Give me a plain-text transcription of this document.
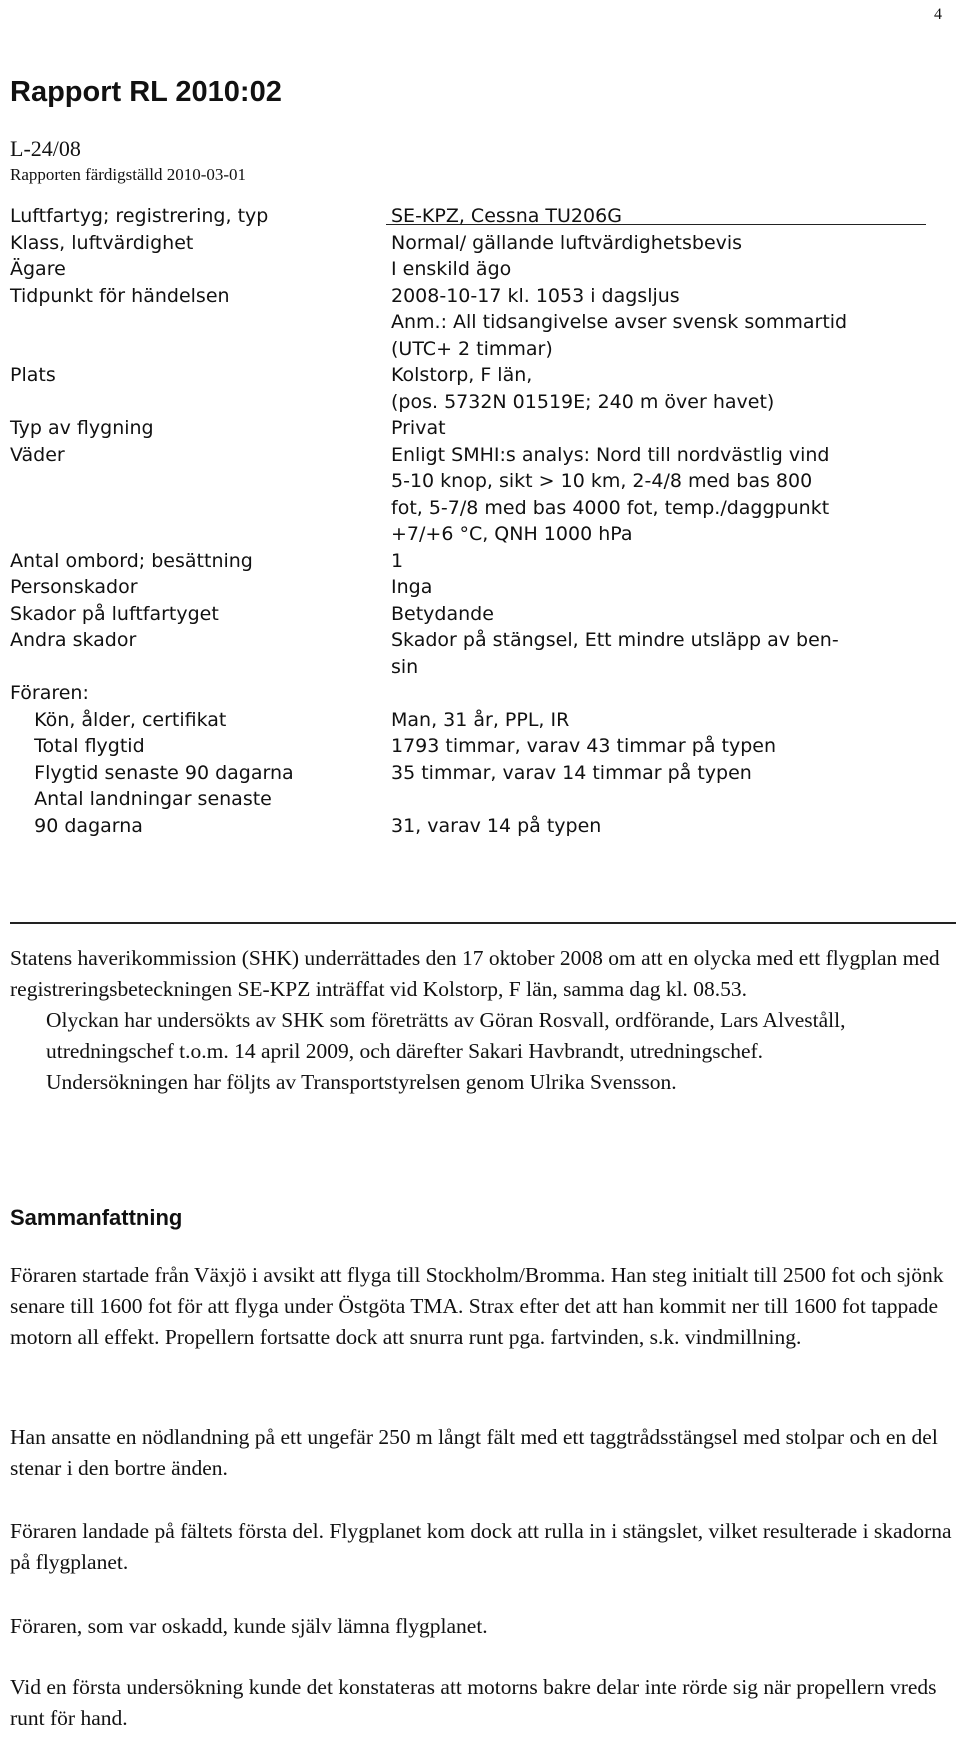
4
Rapport RL 2010:02
L-24/08
Rapporten färdigställd 2010-03-01
Luftfartyg; registrering, typ	SE-KPZ, Cessna TU206G
Klass, luftvärdighet	Normal/ gällande luftvärdighetsbevis
Ägare	I enskild ägo
Tidpunkt för händelsen	2008-10-17 kl. 1053 i dagsljus
Anm.: All tidsangivelse avser svensk sommartid
(UTC+ 2 timmar)
Plats	Kolstorp, F län,
(pos. 5732N 01519E; 240 m över havet)
Typ av flygning	Privat
Väder	Enligt SMHI:s analys: Nord till nordvästlig vind
5-10 knop, sikt > 10 km, 2-4/8 med bas 800
fot, 5-7/8 med bas 4000 fot, temp./daggpunkt
+7/+6 °C, QNH 1000 hPa
Antal ombord; besättning	1
Personskador	Inga
Skador på luftfartyget	Betydande
Andra skador	Skador på stängsel, Ett mindre utsläpp av ben-
sin
Föraren:
Kön, ålder, certifikat	Man, 31 år, PPL, IR
Total flygtid	1793 timmar, varav 43 timmar på typen
Flygtid senaste 90 dagarna	35 timmar, varav 14 timmar på typen
Antal landningar senaste
90 dagarna	31, varav 14 på typen

Statens haverikommission (SHK) underrättades den 17 oktober 2008 om att en olycka med ett flygplan med registreringsbeteckningen SE-KPZ inträffat vid Kolstorp, F län, samma dag kl. 08.53.

Olyckan har undersökts av SHK som företrätts av Göran Rosvall, ordförande, Lars Alveståll, utredningschef t.o.m. 14 april 2009, och därefter Sakari Havbrandt, utredningschef.

Undersökningen har följts av Transportstyrelsen genom Ulrika Svensson.

Sammanfattning
Föraren startade från Växjö i avsikt att flyga till Stockholm/Bromma. Han steg initialt till 2500 fot och sjönk senare till 1600 fot för att flyga under Östgöta TMA. Strax efter det att han kommit ner till 1600 fot tappade motorn all effekt. Propellern fortsatte dock att snurra runt pga. fartvinden, s.k. vindmillning.
Han ansatte en nödlandning på ett ungefär 250 m långt fält med ett taggtrådsstängsel med stolpar och en del stenar i den bortre änden.
Föraren landade på fältets första del. Flygplanet kom dock att rulla in i stängslet, vilket resulterade i skadorna på flygplanet.
Föraren, som var oskadd, kunde själv lämna flygplanet.
Vid en första undersökning kunde det konstateras att motorns bakre delar inte rörde sig när propellern vreds runt för hand.
